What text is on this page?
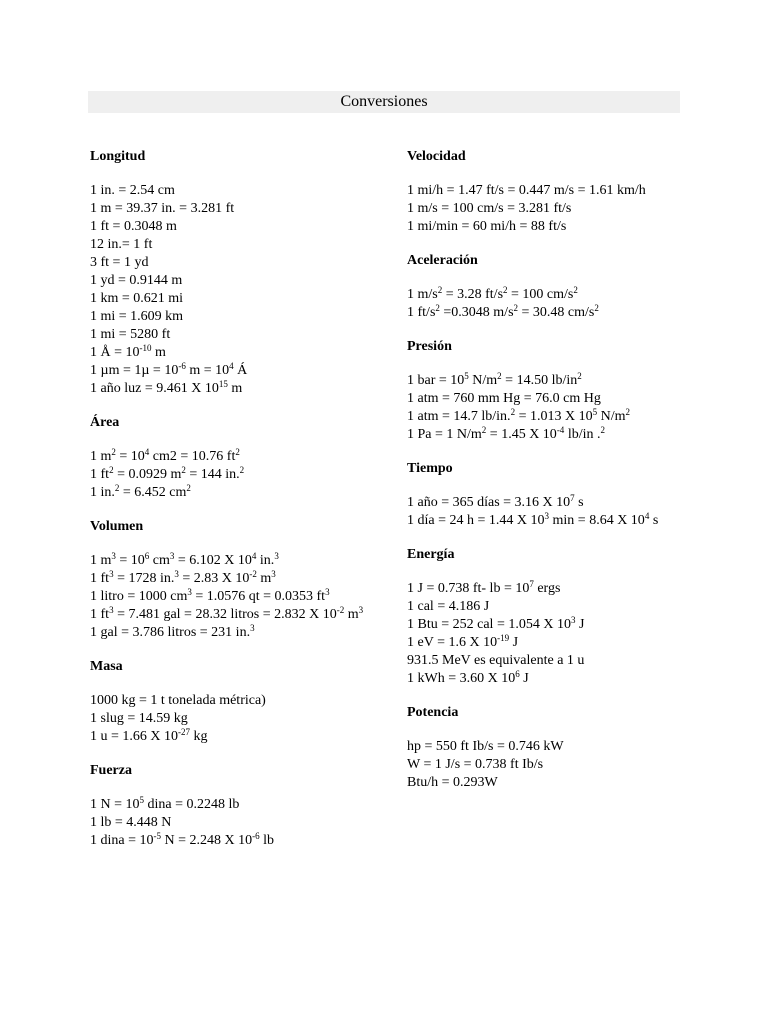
Conversiones
Longitud
1 in. = 2.54 cm
1 m = 39.37 in. = 3.281 ft
1 ft = 0.3048 m
12 in.= 1 ft
3 ft = 1 yd
1 yd = 0.9144 m
1 km = 0.621 mi
1 mi = 1.609 km
1 mi = 5280 ft
1 Å = $10^{-10}$ m
1 $\mu m = 1\mu = 10^{-6}$ $m = 10^4$ Á
1 año luz = 9.461 X $10^{15}$ m
Área
1 $m^2 = 10^4$ cm2 = 10.76 $ft^2$
1 $ft^2 = 0.0929$ $m^2 = 144$ in.$^2$
1 in.$^2$ = 6.452 $cm^2$
Volumen
1 $m^3 = 10^6$ $cm^3 = 6.102$ X $10^4$ in.$^3$
1 $ft^3 = 1728$ in.$^3$ = 2.83 X $10^{-2}$ $m^3$
1 litro = 1000 $cm^3 = 1.0576$ qt = 0.0353 $ft^3$
1 $ft^3 = 7.481$ gal = 28.32 litros = 2.832 X $10^{-2}$ $m^3$
1 gal = 3.786 litros = 231 in.$^3$
Masa
1000 kg = 1 t tonelada métrica)
1 slug = 14.59 kg
1 u = 1.66 X $10^{-27}$ kg
Fuerza
1 $N = 10^5$ dina = 0.2248 lb
1 lb = 4.448 N
1 dina = $10^{-5}$ N = 2.248 X $10^{-6}$ lb
Velocidad
1 mi/h = 1.47 ft/s = 0.447 m/s = 1.61 km/h
1 m/s = 100 cm/s = 3.281 ft/s
1 mi/min = 60 mi/h = 88 ft/s
Aceleración
1 $m/s^2 = 3.28$ $ft/s^2 = 100$ $cm/s^2$
1 $ft/s^2 =0.3048$ $m/s^2 = 30.48$ $cm/s^2$
Presión
1 bar = $10^5$ $N/m^2 = 14.50$ $lb/in^2$
1 atm = 760 mm Hg = 76.0 cm Hg
1 atm = 14.7 lb/in.$^2$ = 1.013 X $10^5$ $N/m^2$
1 Pa = 1 $N/m^2 = 1.45$ X $10^{-4}$ lb/in .$^2$
Tiempo
1 año = 365 días = 3.16 X $10^7$ s
1 día = 24 h = 1.44 X $10^3$ min = 8.64 X $10^4$ s
Energía
1 J = 0.738 ft- lb = $10^7$ ergs
1 cal = 4.186 J
1 Btu = 252 cal = 1.054 X $10^3$ J
1 eV = 1.6 X $10^{-19}$ J
931.5 MeV es equivalente a 1 u
1 kWh = 3.60 X $10^6$ J
Potencia
hp = 550 ft Ib/s = 0.746 kW
W = 1 J/s = 0.738 ft Ib/s
Btu/h = 0.293W
